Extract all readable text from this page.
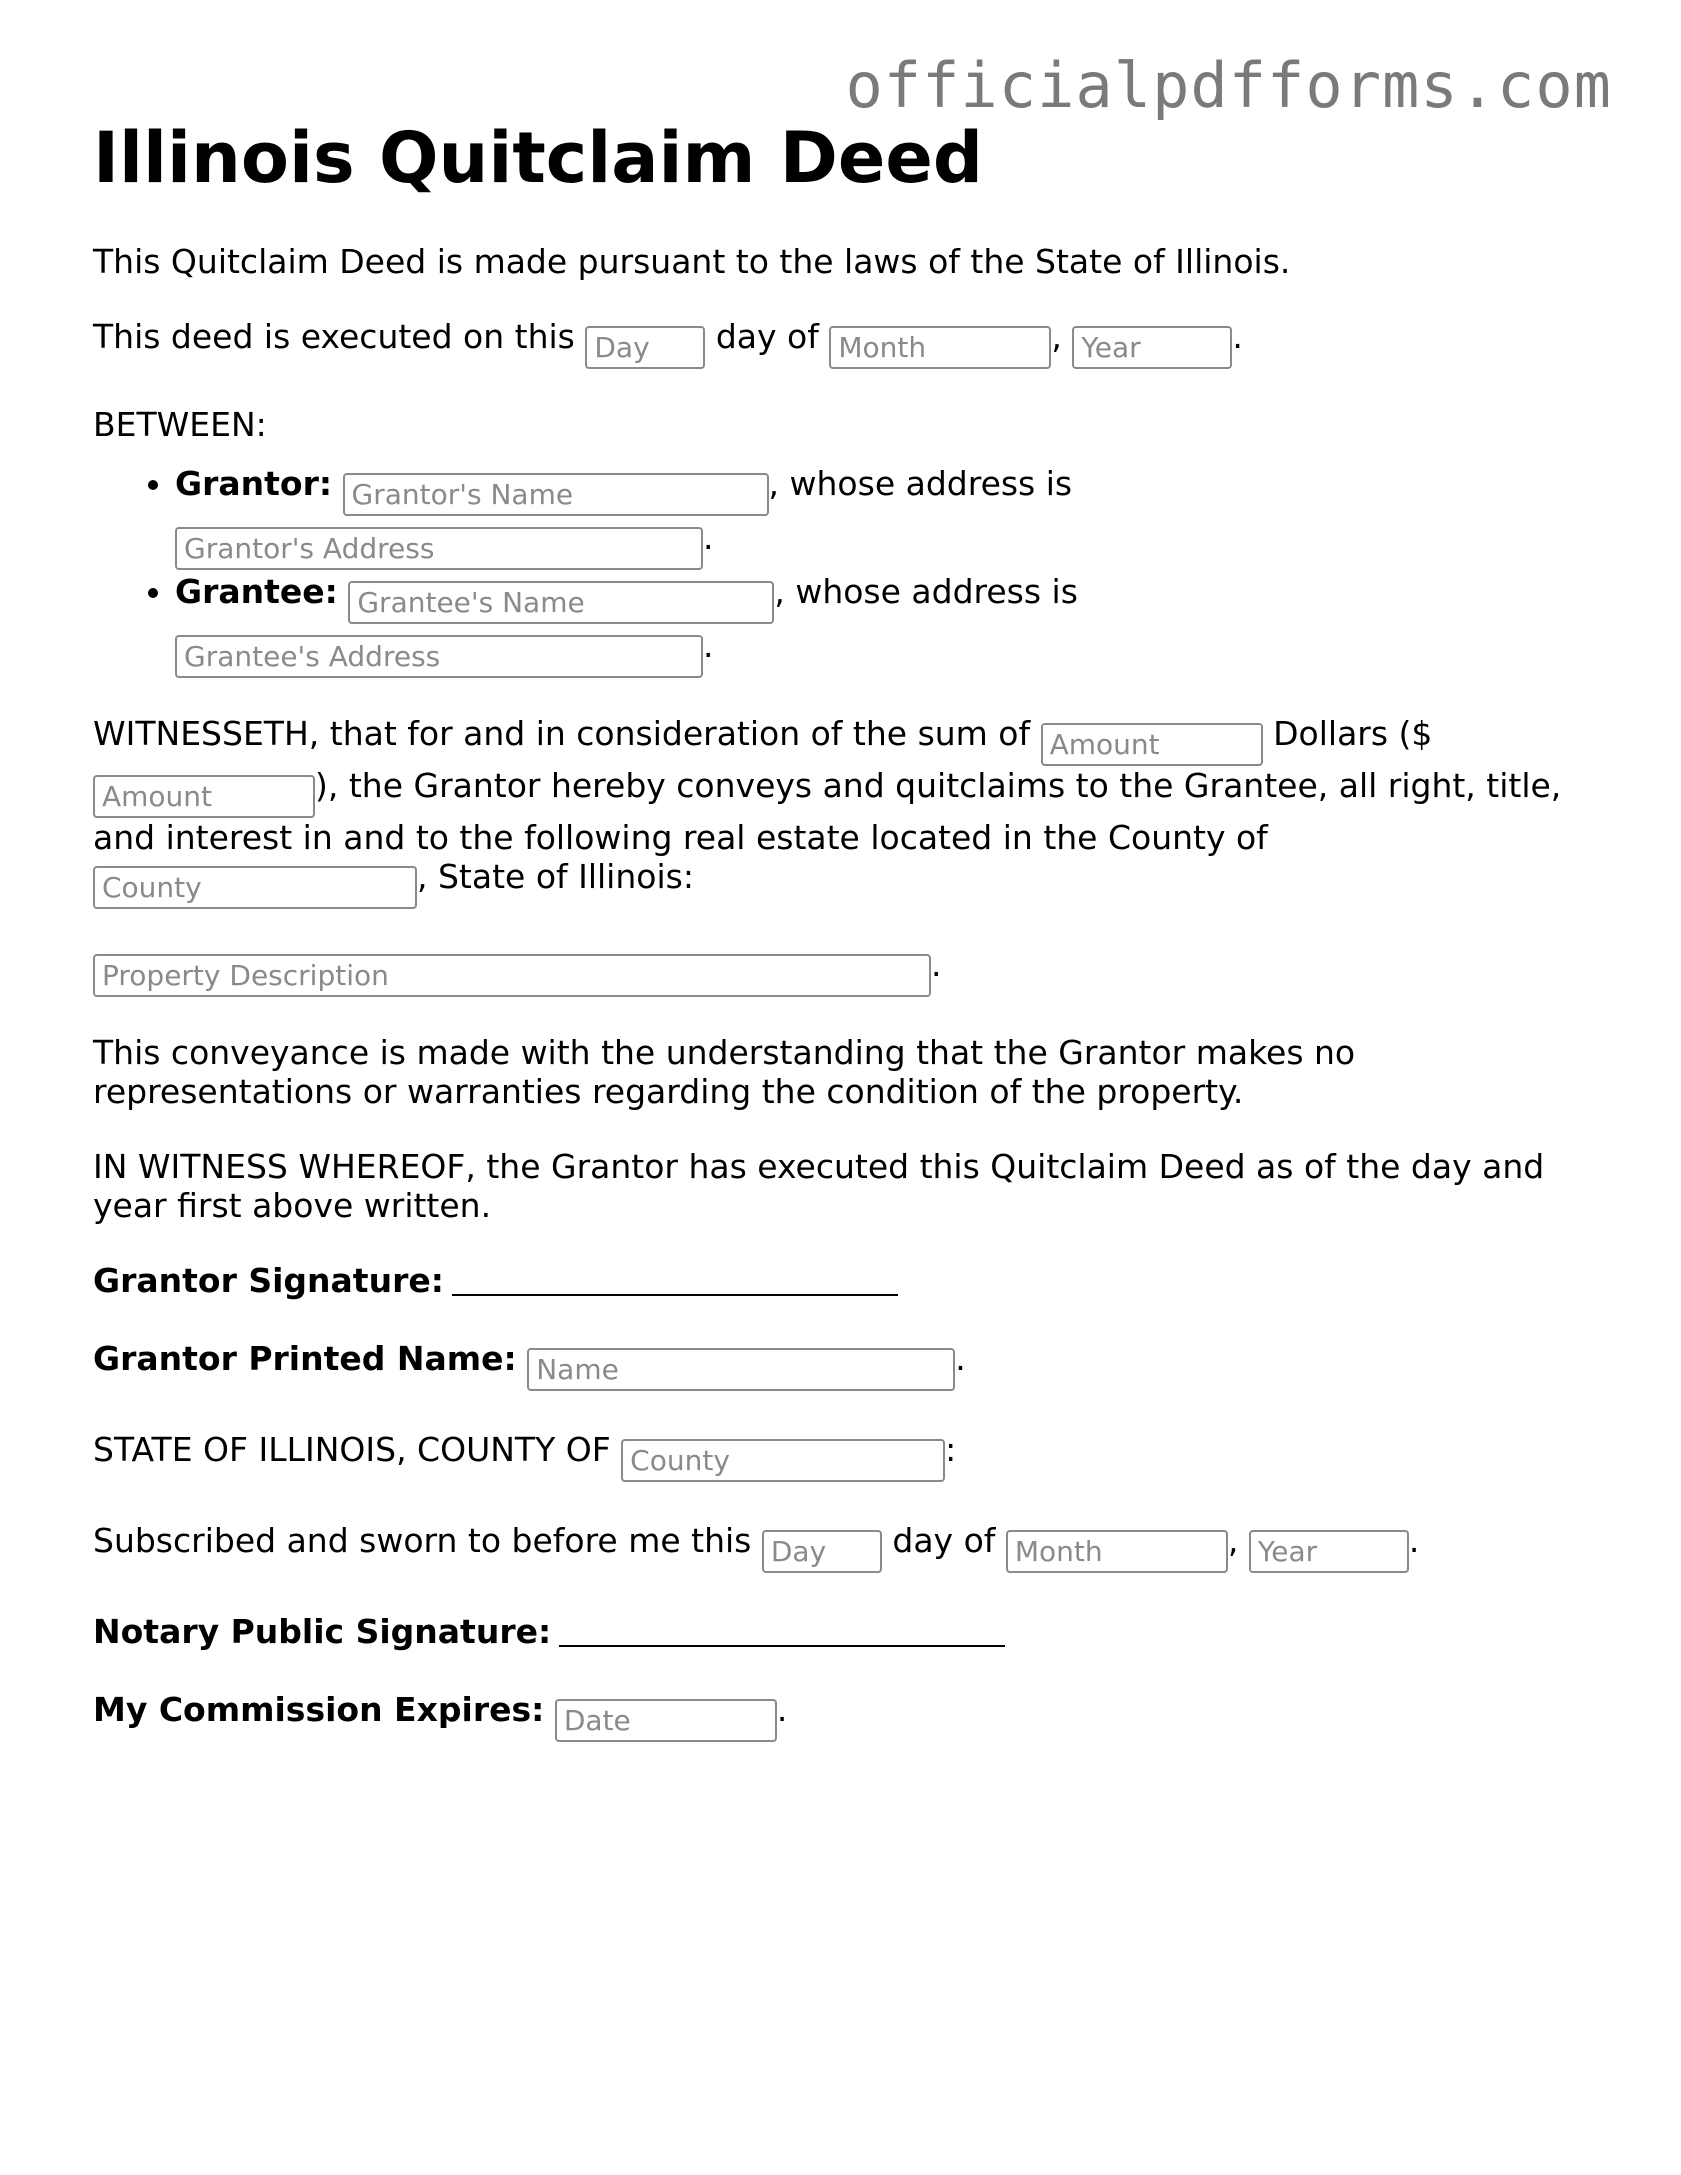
officialpdfforms.com
Illinois Quitclaim Deed

This Quitclaim Deed is made pursuant to the laws of the State of Illinois.

This deed is executed on this Day	day of Month	, Year	.

BETWEEN:

• Grantor: Grantor's Name	, whose address is
Grantor's Address.
• Grantee: Grantee's Name	, whose address is
Grantee's Address.

WITNESSETH, that for and in consideration of the sum of Amount	Dollars ($ Amount), the Grantor hereby conveys and quitclaims to the Grantee, all right, title, and interest in and to the following real estate located in the County of County, State of Illinois:

Property Description.

This conveyance is made with the understanding that the Grantor makes no representations or warranties regarding the condition of the property.

IN WITNESS WHEREOF, the Grantor has executed this Quitclaim Deed as of the day and year first above written.

Grantor Signature:

Grantor Printed Name: Name	.

STATE OF ILLINOIS, COUNTY OF County	:

Subscribed and sworn to before me this Day	day of Month	, Year	.

Notary Public Signature:

My Commission Expires: Date	.
